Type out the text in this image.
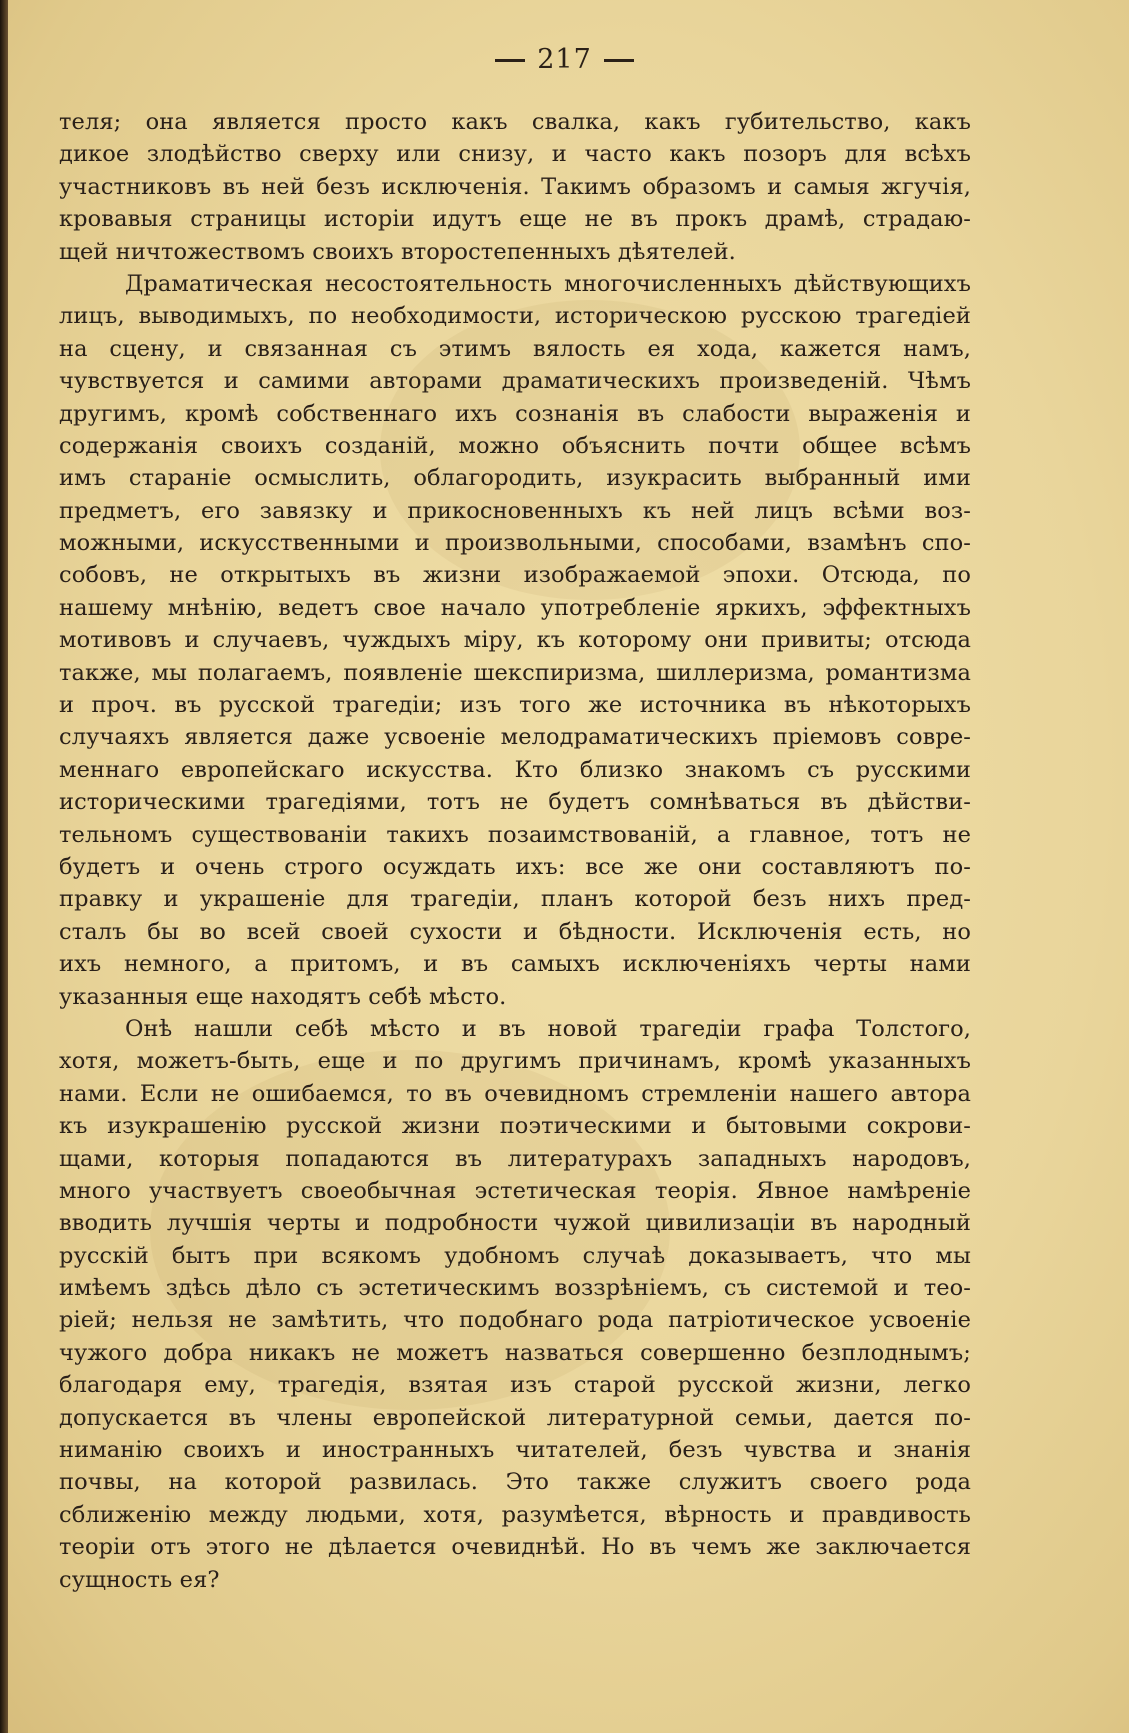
217
теля; она является просто какъ свалка, какъ губительство, какъ
дикое злодѣйство сверху или снизу, и часто какъ позоръ для всѣхъ
участниковъ въ ней безъ исключенія. Такимъ образомъ и самыя жгучія,
кровавыя страницы исторіи идутъ еще не въ прокъ драмѣ, страдаю-
щей ничтожествомъ своихъ второстепенныхъ дѣятелей.
Драматическая несостоятельность многочисленныхъ дѣйствующихъ
лицъ, выводимыхъ, по необходимости, историческою русскою трагедіей
на сцену, и связанная съ этимъ вялость ея хода, кажется намъ,
чувствуется и самими авторами драматическихъ произведеній. Чѣмъ
другимъ, кромѣ собственнаго ихъ сознанія въ слабости выраженія и
содержанія своихъ созданій, можно объяснить почти общее всѣмъ
имъ стараніе осмыслить, облагородить, изукрасить выбранный ими
предметъ, его завязку и прикосновенныхъ къ ней лицъ всѣми воз-
можными, искусственными и произвольными, способами, взамѣнъ спо-
собовъ, не открытыхъ въ жизни изображаемой эпохи. Отсюда, по
нашему мнѣнію, ведетъ свое начало употребленіе яркихъ, эффектныхъ
мотивовъ и случаевъ, чуждыхъ міру, къ которому они привиты; отсюда
также, мы полагаемъ, появленіе шекспиризма, шиллеризма, романтизма
и проч. въ русской трагедіи; изъ того же источника въ нѣкоторыхъ
случаяхъ является даже усвоеніе мелодраматическихъ пріемовъ совре-
меннаго европейскаго искусства. Кто близко знакомъ съ русскими
историческими трагедіями, тотъ не будетъ сомнѣваться въ дѣйстви-
тельномъ существованіи такихъ позаимствованій, а главное, тотъ не
будетъ и очень строго осуждать ихъ: все же они составляютъ по-
правку и украшеніе для трагедіи, планъ которой безъ нихъ пред-
сталъ бы во всей своей сухости и бѣдности. Исключенія есть, но
ихъ немного, а притомъ, и въ самыхъ исключеніяхъ черты нами
указанныя еще находятъ себѣ мѣсто.
Онѣ нашли себѣ мѣсто и въ новой трагедіи графа Толстого,
хотя, можетъ-быть, еще и по другимъ причинамъ, кромѣ указанныхъ
нами. Если не ошибаемся, то въ очевидномъ стремленіи нашего автора
къ изукрашенію русской жизни поэтическими и бытовыми сокрови-
щами, которыя попадаются въ литературахъ западныхъ народовъ,
много участвуетъ своеобычная эстетическая теорія. Явное намѣреніе
вводить лучшія черты и подробности чужой цивилизаціи въ народный
русскій бытъ при всякомъ удобномъ случаѣ доказываетъ, что мы
имѣемъ здѣсь дѣло съ эстетическимъ воззрѣніемъ, съ системой и тео-
ріей; нельзя не замѣтить, что подобнаго рода патріотическое усвоеніе
чужого добра никакъ не можетъ назваться совершенно безплоднымъ;
благодаря ему, трагедія, взятая изъ старой русской жизни, легко
допускается въ члены европейской литературной семьи, дается по-
ниманію своихъ и иностранныхъ читателей, безъ чувства и знанія
почвы, на которой развилась. Это также служитъ своего рода
сближенію между людьми, хотя, разумѣется, вѣрность и правдивость
теоріи отъ этого не дѣлается очевиднѣй. Но въ чемъ же заключается
сущность ея?
